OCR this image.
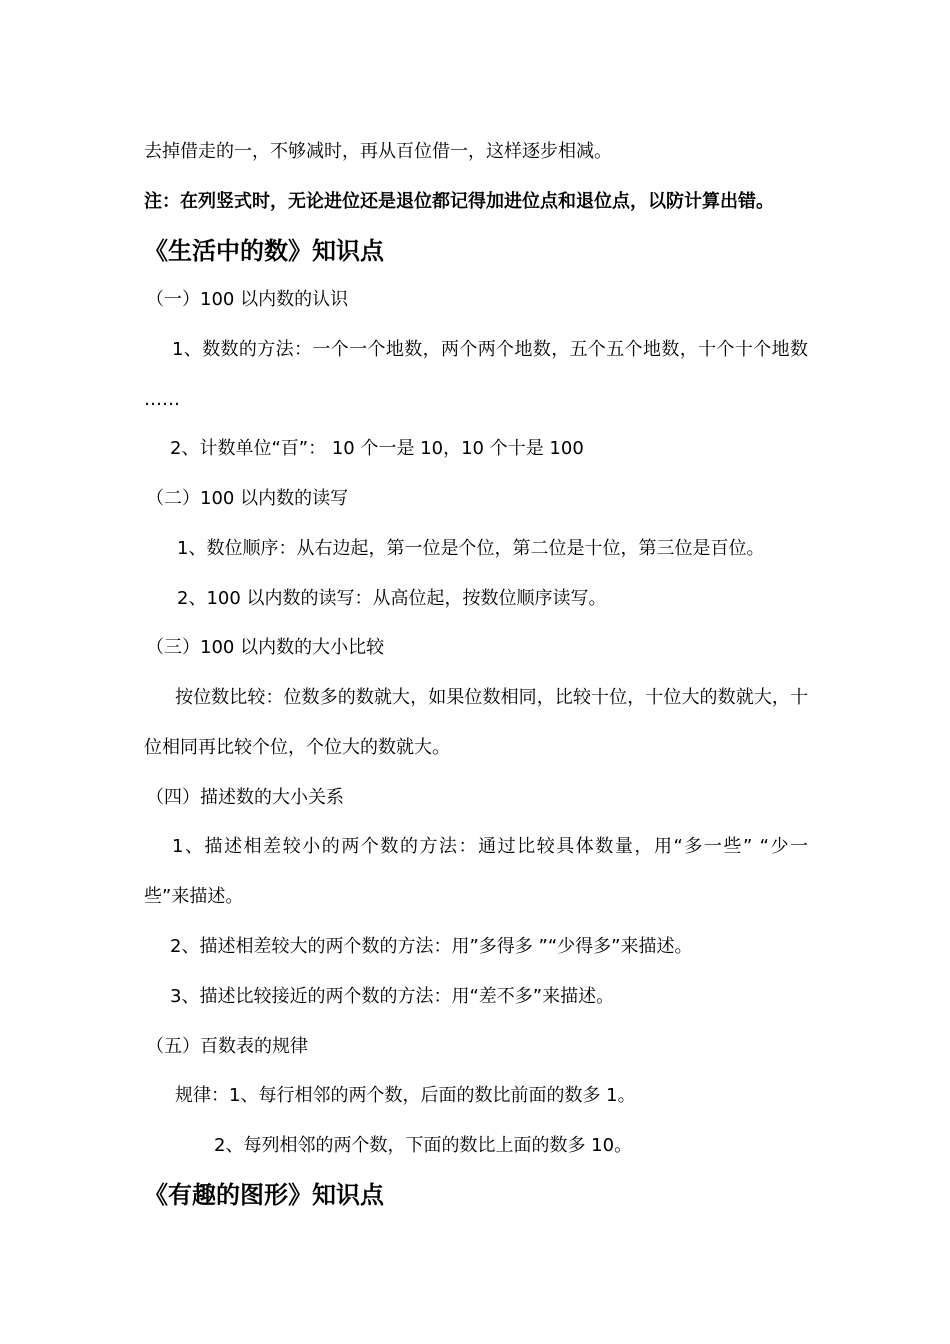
去掉借走的一，不够减时，再从百位借一，这样逐步相减。
注：在列竖式时，无论进位还是退位都记得加进位点和退位点，以防计算出错。
《生活中的数》知识点
（一）100 以内数的认识
1、数数的方法：一个一个地数，两个两个地数，五个五个地数，十个十个地数
……
2、计数单位“百”： 10 个一是 10，10 个十是 100
（二）100 以内数的读写
1、数位顺序：从右边起，第一位是个位，第二位是十位，第三位是百位。
2、100 以内数的读写：从高位起，按数位顺序读写。
（三）100 以内数的大小比较
按位数比较：位数多的数就大，如果位数相同，比较十位，十位大的数就大，十
位相同再比较个位，个位大的数就大。
（四）描述数的大小关系
1、描述相差较小的两个数的方法：通过比较具体数量，用“多一些” “少一
些”来描述。
2、描述相差较大的两个数的方法：用”多得多 ”“少得多”来描述。
3、描述比较接近的两个数的方法：用“差不多”来描述。
（五）百数表的规律
规律：1、每行相邻的两个数，后面的数比前面的数多 1。
2、每列相邻的两个数，下面的数比上面的数多 10。
《有趣的图形》知识点
